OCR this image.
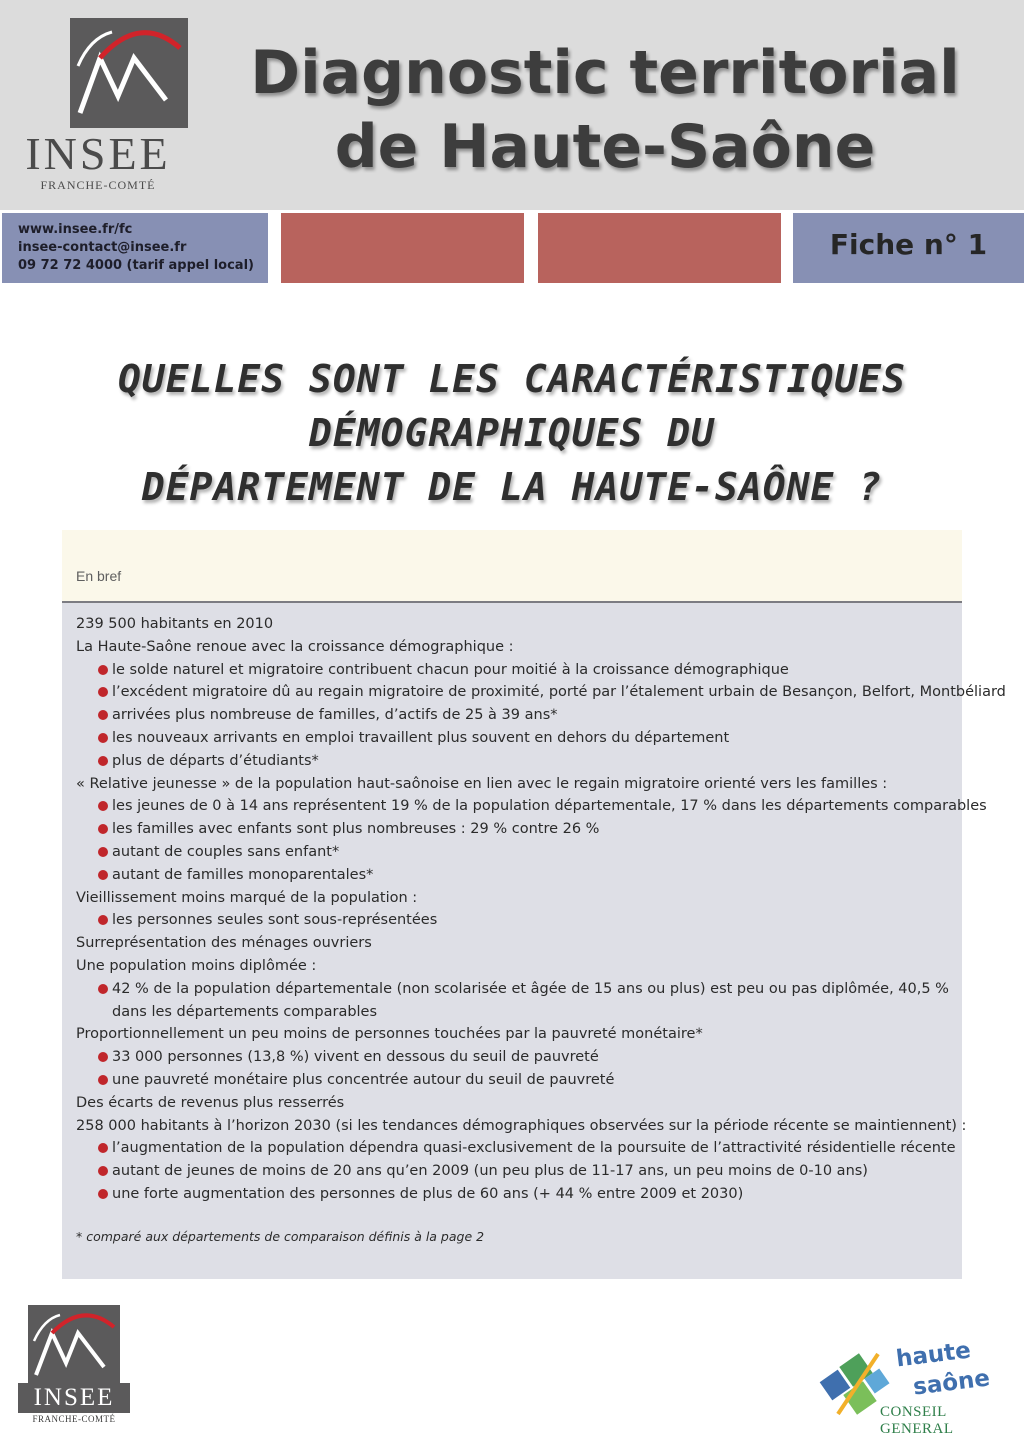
INSEE
FRANCHE-COMTÉ
Diagnostic territorial
de Haute-Saône
www.insee.fr/fc
insee-contact@insee.fr
09 72 72 4000 (tarif appel local)
Fiche n° 1
QUELLES SONT LES CARACTÉRISTIQUES
DÉMOGRAPHIQUES DU
DÉPARTEMENT DE LA HAUTE-SAÔNE ?
En bref
239 500 habitants en 2010
La Haute-Saône renoue avec la croissance démographique :
le solde naturel et migratoire contribuent chacun pour moitié à la croissance démographique
l’excédent migratoire dû au regain migratoire de proximité, porté par l’étalement urbain de Besançon, Belfort, Montbéliard
arrivées plus nombreuse de familles, d’actifs de 25 à 39 ans*
les nouveaux arrivants en emploi travaillent plus souvent en dehors du département
plus de départs d’étudiants*
« Relative jeunesse » de la population haut-saônoise en lien avec le regain migratoire orienté vers les familles :
les jeunes de 0 à 14 ans représentent 19 % de la population départementale, 17 % dans les départements comparables
les familles avec enfants sont plus nombreuses : 29 % contre 26 %
autant de couples sans enfant*
autant de familles monoparentales*
Vieillissement moins marqué de la population :
les personnes seules sont sous-représentées
Surreprésentation des ménages ouvriers
Une population moins diplômée :
42 % de la population départementale (non scolarisée et âgée de 15 ans ou plus) est peu ou pas diplômée, 40,5 % dans les départements comparables
Proportionnellement un peu moins de personnes touchées par la pauvreté monétaire*
33 000 personnes (13,8 %) vivent en dessous du seuil de pauvreté
une pauvreté monétaire plus concentrée autour du seuil de pauvreté
Des écarts de revenus plus resserrés
258 000 habitants à l’horizon 2030 (si les tendances démographiques observées sur la période récente se maintiennent) :
l’augmentation de la population dépendra quasi-exclusivement de la poursuite de l’attractivité résidentielle récente
autant de jeunes de moins de 20 ans qu’en 2009 (un peu plus de 11-17 ans, un peu moins de 0-10 ans)
une forte augmentation des personnes de plus de 60 ans (+ 44 % entre 2009 et 2030)
* comparé aux départements de comparaison définis à la page 2
INSEE
FRANCHE-COMTÉ
haute
saône
CONSEIL GENERAL
